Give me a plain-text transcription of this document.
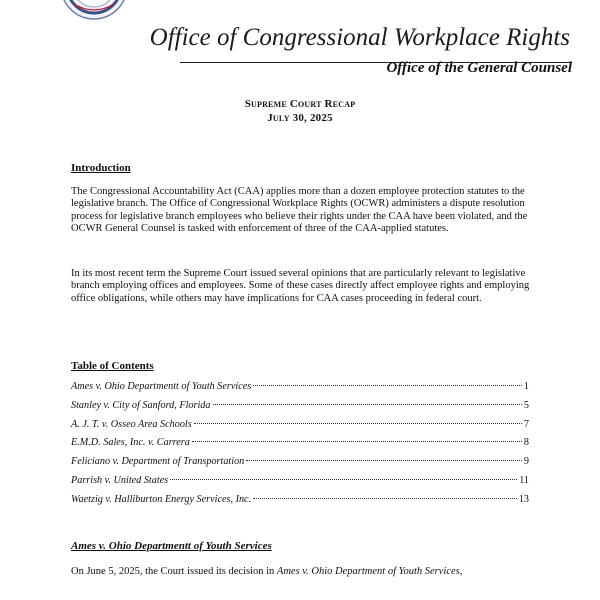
Office of Congressional Workplace Rights
Office of the General Counsel
Supreme Court Recap
July 30, 2025
Introduction
The Congressional Accountability Act (CAA) applies more than a dozen employee protection statutes to the legislative branch. The Office of Congressional Workplace Rights (OCWR) administers a dispute resolution process for legislative branch employees who believe their rights under the CAA have been violated, and the OCWR General Counsel is tasked with enforcement of three of the CAA-applied statutes.
In its most recent term the Supreme Court issued several opinions that are particularly relevant to legislative branch employing offices and employees. Some of these cases directly affect employee rights and employing office obligations, while others may have implications for CAA cases proceeding in federal court.
Table of Contents
Ames v. Ohio Departmentt of Youth Services	1
Stanley v. City of Sanford, Florida	5
A. J. T. v. Osseo Area Schools	7
E.M.D. Sales, Inc. v. Carrera	8
Feliciano v. Department of Transportation	9
Parrish v. United States	11
Waetzig v. Halliburton Energy Services, Inc.	13
Ames v. Ohio Departmentt of Youth Services
On June 5, 2025, the Court issued its decision in Ames v. Ohio Department of Youth Services,
